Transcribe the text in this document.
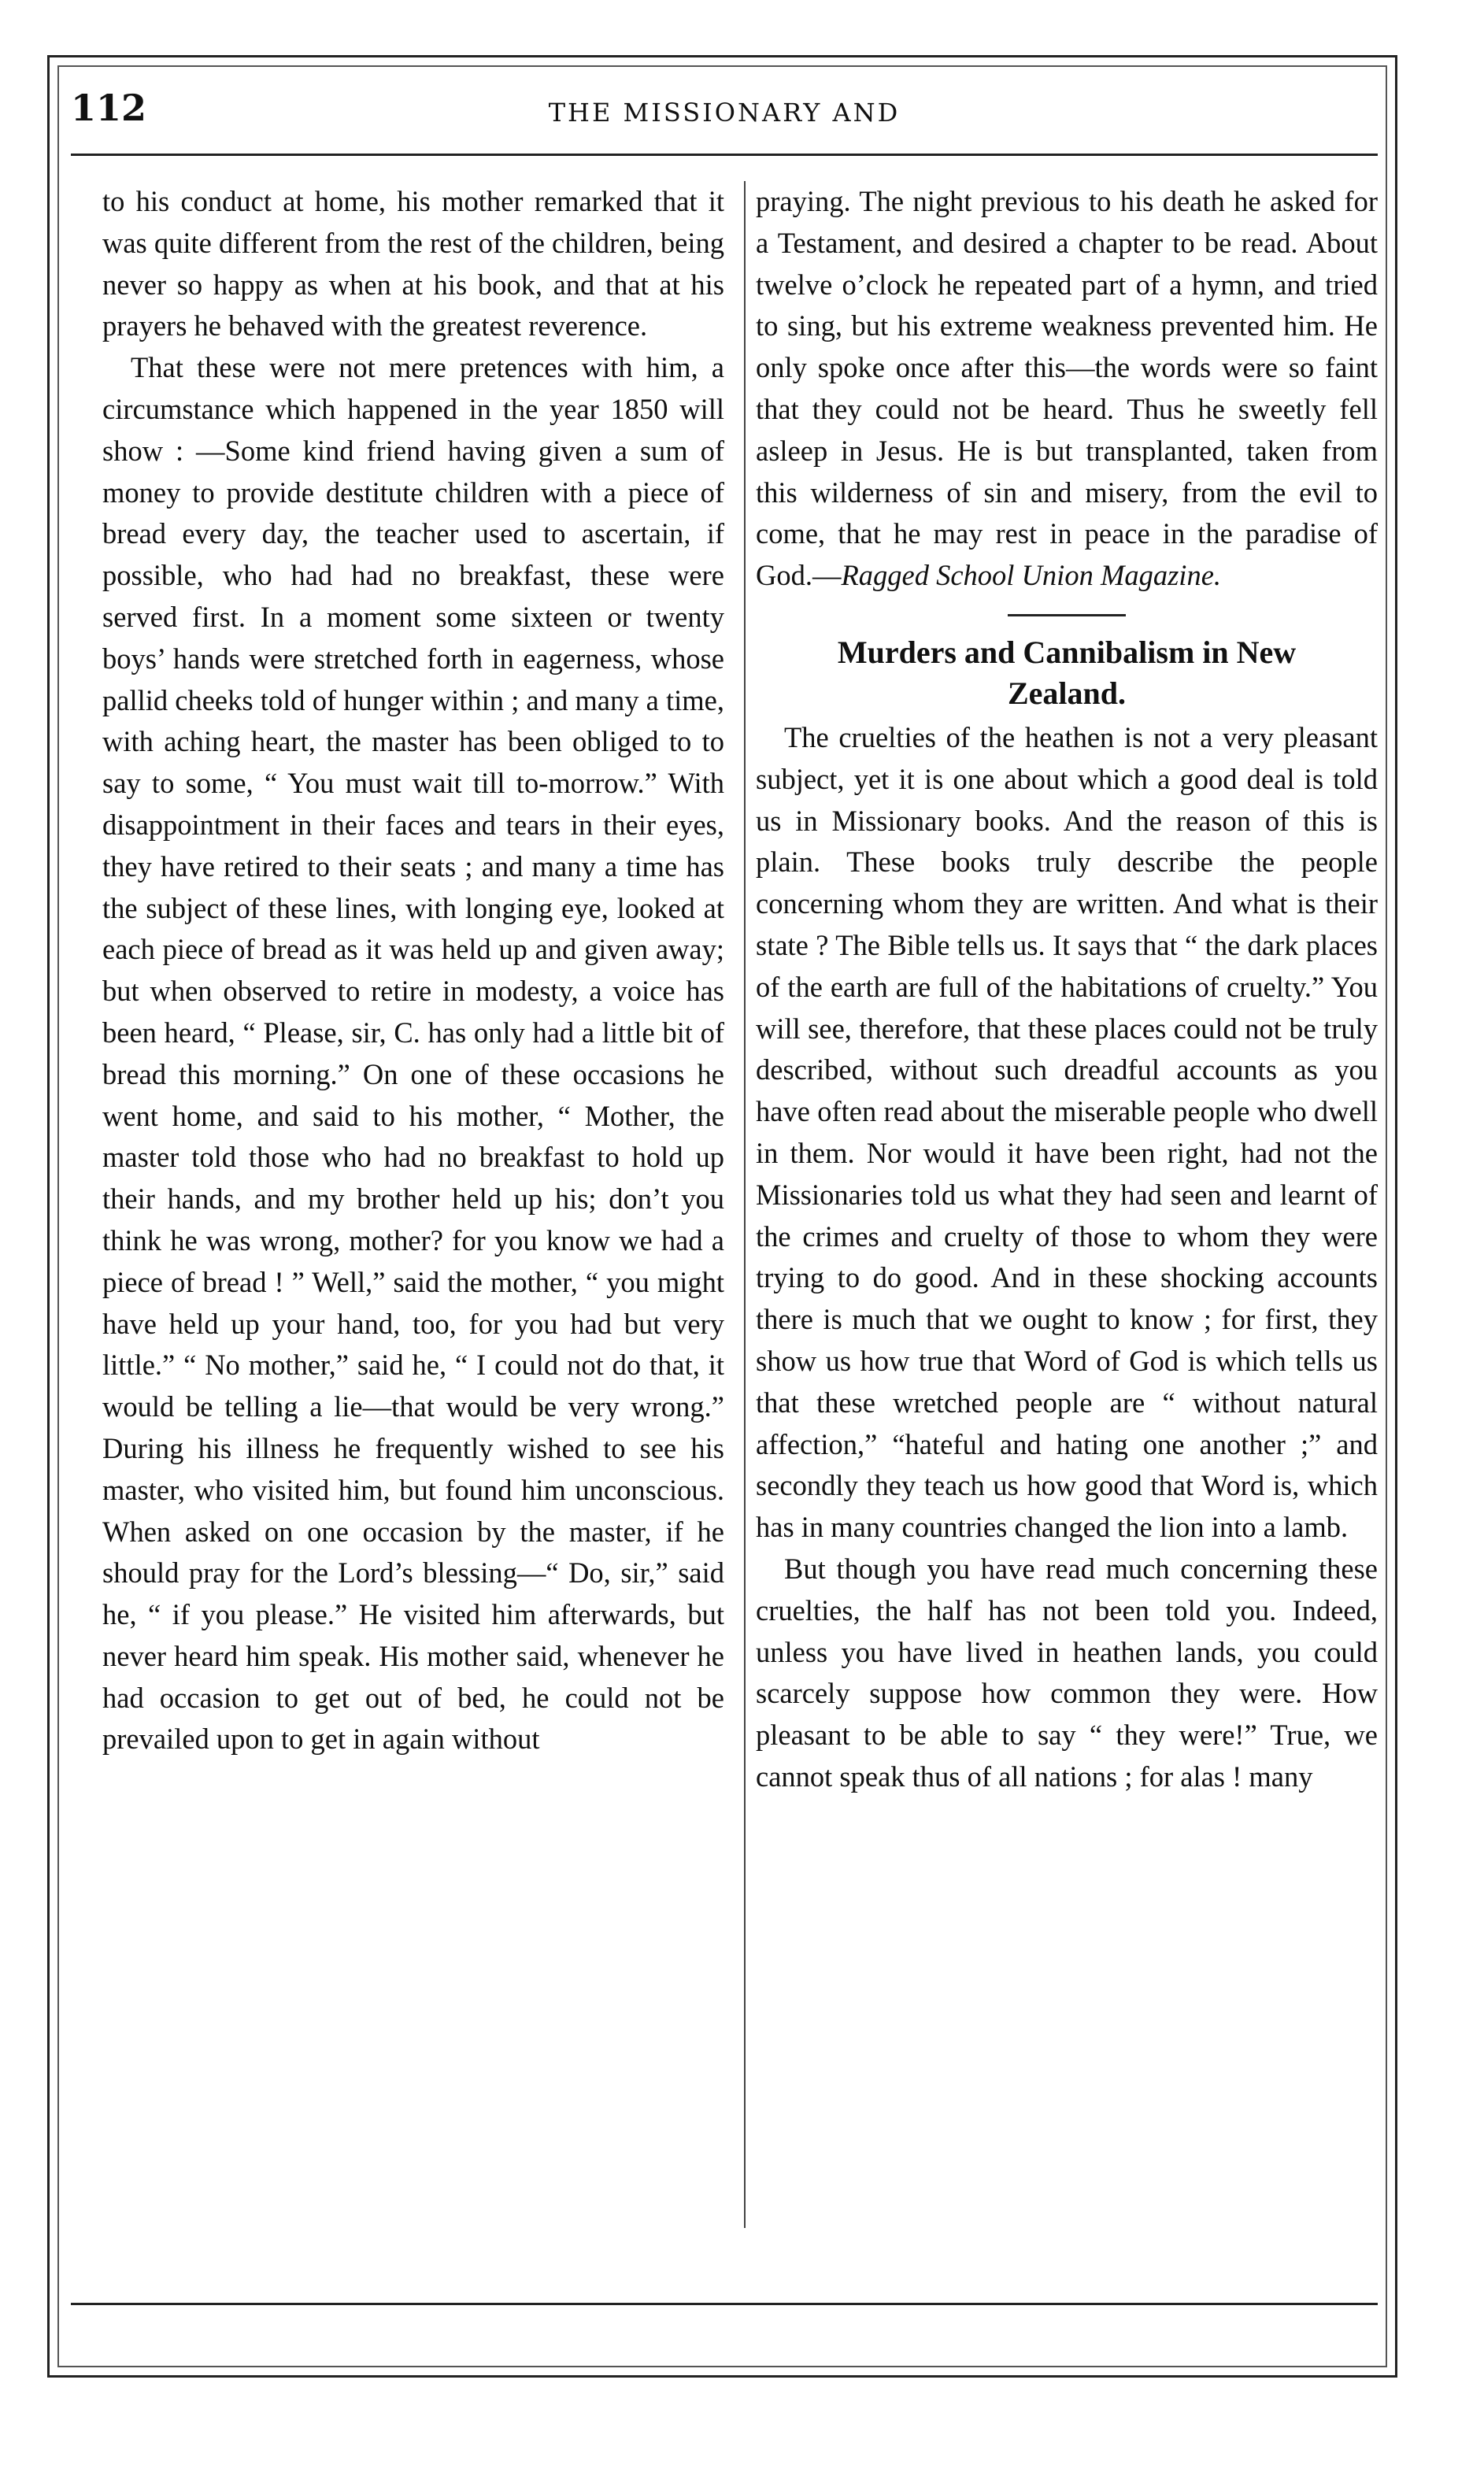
112	THE MISSIONARY AND

to his conduct at home, his mother remarked that it was quite different from the rest of the children, being never so happy as when at his book, and that at his prayers he behaved with the greatest reverence.

That these were not mere pretences with him, a circumstance which happened in the year 1850 will show : —Some kind friend having given a sum of money to provide destitute children with a piece of bread every day, the teacher used to ascertain, if possible, who had had no breakfast, these were served first. In a moment some sixteen or twenty boys’ hands were stretched forth in eagerness, whose pallid cheeks told of hunger within ; and many a time, with aching heart, the master has been obliged to to say to some, “ You must wait till to-morrow.” With disappointment in their faces and tears in their eyes, they have retired to their seats ; and many a time has the subject of these lines, with longing eye, looked at each piece of bread as it was held up and given away; but when observed to retire in modesty, a voice has been heard, “ Please, sir, C. has only had a little bit of bread this morning.” On one of these occasions he went home, and said to his mother, “ Mother, the master told those who had no breakfast to hold up their hands, and my brother held up his; don’t you think he was wrong, mother? for you know we had a piece of bread ! ” Well,” said the mother, “ you might have held up your hand, too, for you had but very little.” “ No mother,” said he, “ I could not do that, it would be telling a lie—that would be very wrong.” During his illness he frequently wished to see his master, who visited him, but found him unconscious. When asked on one occasion by the master, if he should pray for the Lord’s blessing—“ Do, sir,” said he, “ if you please.” He visited him afterwards, but never heard him speak. His mother said, whenever he had occasion to get out of bed, he could not be prevailed upon to get in again without

praying. The night previous to his death he asked for a Testament, and desired a chapter to be read. About twelve o’clock he repeated part of a hymn, and tried to sing, but his extreme weakness prevented him. He only spoke once after this—the words were so faint that they could not be heard. Thus he sweetly fell asleep in Jesus. He is but transplanted, taken from this wilderness of sin and misery, from the evil to come, that he may rest in peace in the paradise of God.—Ragged School Union Magazine.

Murders and Cannibalism in New
Zealand.

The cruelties of the heathen is not a very pleasant subject, yet it is one about which a good deal is told us in Missionary books. And the reason of this is plain. These books truly describe the people concerning whom they are written. And what is their state ? The Bible tells us. It says that “ the dark places of the earth are full of the habitations of cruelty.” You will see, therefore, that these places could not be truly described, without such dreadful accounts as you have often read about the miserable people who dwell in them. Nor would it have been right, had not the Missionaries told us what they had seen and learnt of the crimes and cruelty of those to whom they were trying to do good. And in these shocking accounts there is much that we ought to know ; for first, they show us how true that Word of God is which tells us that these wretched people are “ without natural affection,” “hateful and hating one another ;” and secondly they teach us how good that Word is, which has in many countries changed the lion into a lamb.

But though you have read much concerning these cruelties, the half has not been told you. Indeed, unless you have lived in heathen lands, you could scarcely suppose how common they were. How pleasant to be able to say “ they were!” True, we cannot speak thus of all nations ; for alas ! many
